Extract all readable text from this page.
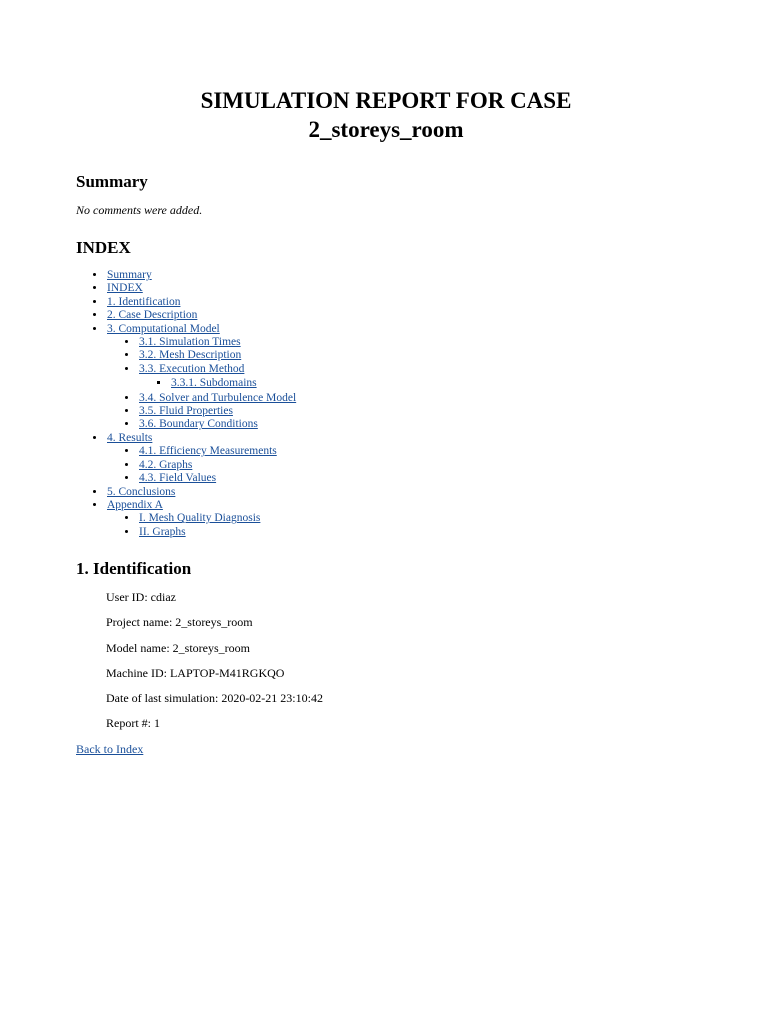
SIMULATION REPORT FOR CASE
2_storeys_room
Summary

No comments were added.

INDEX
• Summary
• INDEX
• 1. Identification
• 2. Case Description
• 3. Computational Model
• 3.1. Simulation Times
• 3.2. Mesh Description
• 3.3. Execution Method
▪ 3.3.1. Subdomains
• 3.4. Solver and Turbulence Model
• 3.5. Fluid Properties
• 3.6. Boundary Conditions
• 4. Results
• 4.1. Efficiency Measurements
• 4.2. Graphs
• 4.3. Field Values
• 5. Conclusions
• Appendix A
• I. Mesh Quality Diagnosis
• II. Graphs
1. Identification

User ID: cdiaz

Project name: 2_storeys_room

Model name: 2_storeys_room

Machine ID: LAPTOP-M41RGKQO

Date of last simulation: 2020-02-21 23:10:42

Report #: 1

Back to Index
